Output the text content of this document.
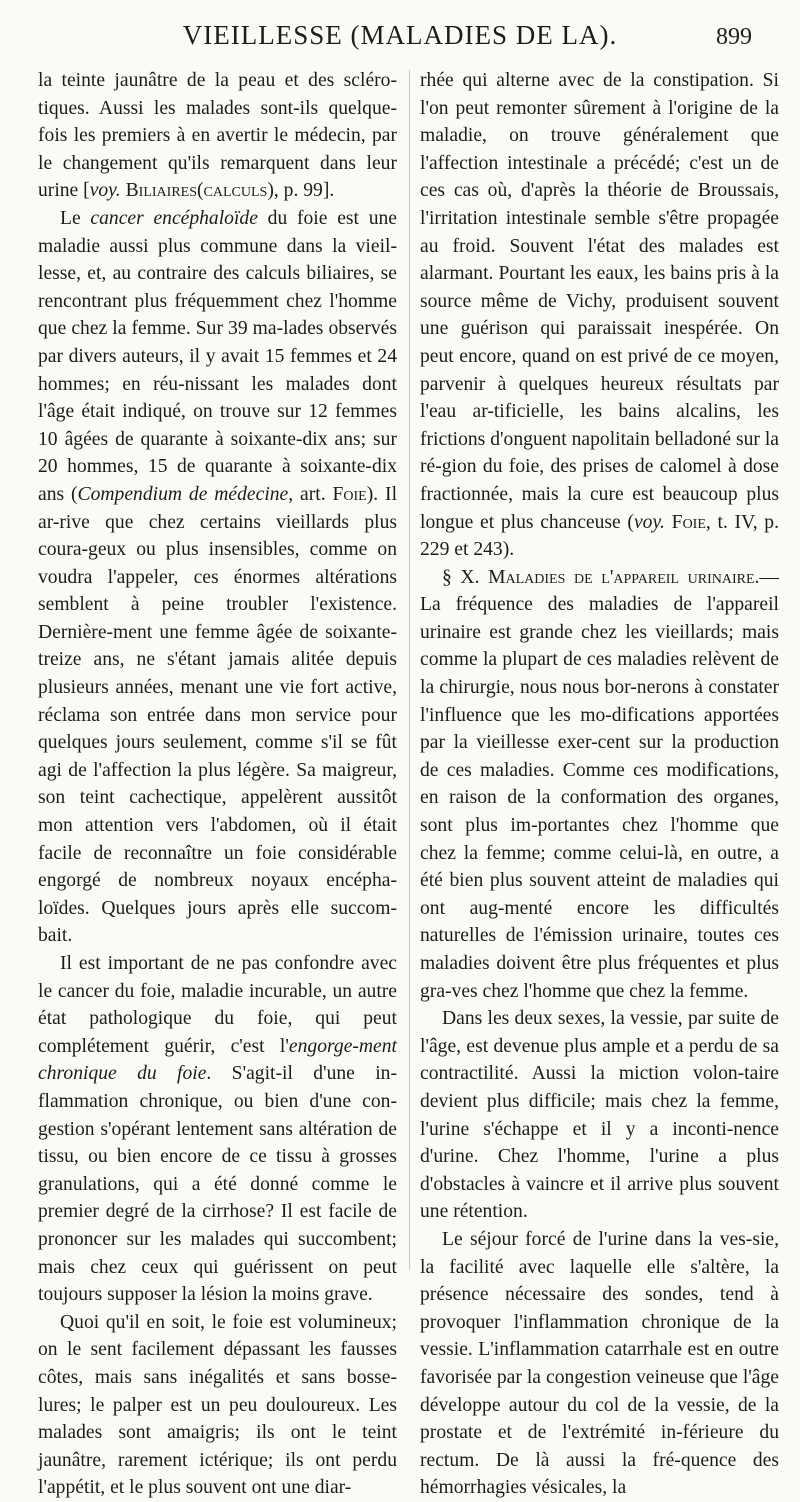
VIEILLESSE (MALADIES DE LA).	899

la teinte jaunâtre de la peau et des scléro-tiques. Aussi les malades sont-ils quelque-fois les premiers à en avertir le médecin, par le changement qu'ils remarquent dans leur urine [voy. Biliaires(calculs), p. 99].

Le cancer encéphaloïde du foie est une maladie aussi plus commune dans la vieil-lesse, et, au contraire des calculs biliaires, se rencontrant plus fréquemment chez l'homme que chez la femme. Sur 39 ma-lades observés par divers auteurs, il y avait 15 femmes et 24 hommes; en réu-nissant les malades dont l'âge était indiqué, on trouve sur 12 femmes 10 âgées de quarante à soixante-dix ans; sur 20 hommes, 15 de quarante à soixante-dix ans (Compendium de médecine, art. Foie). Il ar-rive que chez certains vieillards plus coura-geux ou plus insensibles, comme on voudra l'appeler, ces énormes altérations semblent à peine troubler l'existence. Dernière-ment une femme âgée de soixante-treize ans, ne s'étant jamais alitée depuis plusieurs années, menant une vie fort active, réclama son entrée dans mon service pour quelques jours seulement, comme s'il se fût agi de l'affection la plus légère. Sa maigreur, son teint cachectique, appelèrent aussitôt mon attention vers l'abdomen, où il était facile de reconnaître un foie considérable engorgé de nombreux noyaux encépha-loïdes. Quelques jours après elle succom-bait.

Il est important de ne pas confondre avec le cancer du foie, maladie incurable, un autre état pathologique du foie, qui peut complétement guérir, c'est l'engorge-ment chronique du foie. S'agit-il d'une in-flammation chronique, ou bien d'une con-gestion s'opérant lentement sans altération de tissu, ou bien encore de ce tissu à grosses granulations, qui a été donné comme le premier degré de la cirrhose? Il est facile de prononcer sur les malades qui succombent; mais chez ceux qui guérissent on peut toujours supposer la lésion la moins grave.

Quoi qu'il en soit, le foie est volumineux; on le sent facilement dépassant les fausses côtes, mais sans inégalités et sans bosse-lures; le palper est un peu douloureux. Les malades sont amaigris; ils ont le teint jaunâtre, rarement ictérique; ils ont perdu l'appétit, et le plus souvent ont une diar-

rhée qui alterne avec de la constipation. Si l'on peut remonter sûrement à l'origine de la maladie, on trouve généralement que l'affection intestinale a précédé; c'est un de ces cas où, d'après la théorie de Broussais, l'irritation intestinale semble s'être propagée au froid. Souvent l'état des malades est alarmant. Pourtant les eaux, les bains pris à la source même de Vichy, produisent souvent une guérison qui paraissait inespérée. On peut encore, quand on est privé de ce moyen, parvenir à quelques heureux résultats par l'eau ar-tificielle, les bains alcalins, les frictions d'onguent napolitain belladoné sur la ré-gion du foie, des prises de calomel à dose fractionnée, mais la cure est beaucoup plus longue et plus chanceuse (voy. Foie, t. IV, p. 229 et 243).

§ X. Maladies de l'appareil urinaire.— La fréquence des maladies de l'appareil urinaire est grande chez les vieillards; mais comme la plupart de ces maladies relèvent de la chirurgie, nous nous bor-nerons à constater l'influence que les mo-difications apportées par la vieillesse exer-cent sur la production de ces maladies. Comme ces modifications, en raison de la conformation des organes, sont plus im-portantes chez l'homme que chez la femme; comme celui-là, en outre, a été bien plus souvent atteint de maladies qui ont aug-menté encore les difficultés naturelles de l'émission urinaire, toutes ces maladies doivent être plus fréquentes et plus gra-ves chez l'homme que chez la femme.

Dans les deux sexes, la vessie, par suite de l'âge, est devenue plus ample et a perdu de sa contractilité. Aussi la miction volon-taire devient plus difficile; mais chez la femme, l'urine s'échappe et il y a inconti-nence d'urine. Chez l'homme, l'urine a plus d'obstacles à vaincre et il arrive plus souvent une rétention.

Le séjour forcé de l'urine dans la ves-sie, la facilité avec laquelle elle s'altère, la présence nécessaire des sondes, tend à provoquer l'inflammation chronique de la vessie. L'inflammation catarrhale est en outre favorisée par la congestion veineuse que l'âge développe autour du col de la vessie, de la prostate et de l'extrémité in-férieure du rectum. De là aussi la fré-quence des hémorrhagies vésicales, la
